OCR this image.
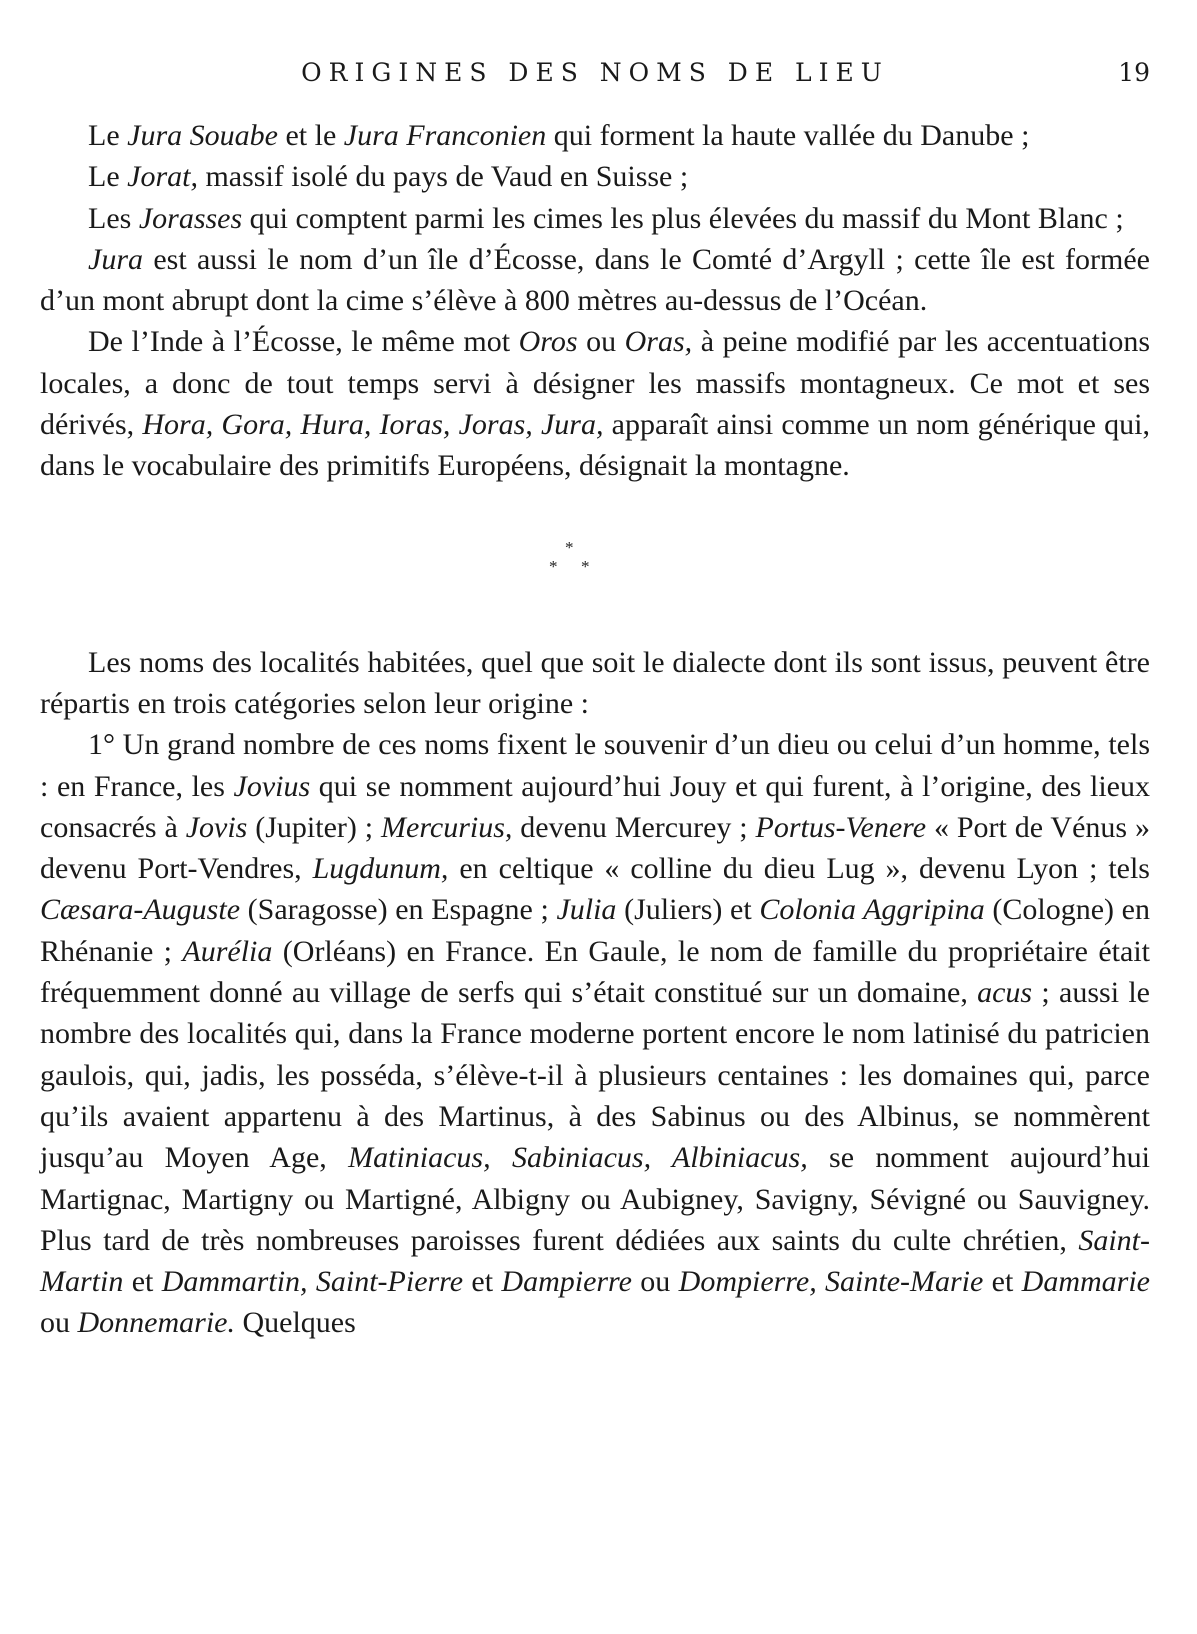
ORIGINES DES NOMS DE LIEU	19

Le Jura Souabe et le Jura Franconien qui forment la haute vallée du Danube ;

Le Jorat, massif isolé du pays de Vaud en Suisse ;

Les Jorasses qui comptent parmi les cimes les plus élevées du massif du Mont Blanc ;

Jura est aussi le nom d’un île d’Écosse, dans le Comté d’Argyll ; cette île est formée d’un mont abrupt dont la cime s’élève à 800 mètres au-dessus de l’Océan.

De l’Inde à l’Écosse, le même mot Oros ou Oras, à peine modifié par les accentuations locales, a donc de tout temps servi à désigner les massifs montagneux. Ce mot et ses dérivés, Hora, Gora, Hura, Ioras, Joras, Jura, apparaît ainsi comme un nom générique qui, dans le vocabulaire des primitifs Européens, désignait la montagne.

*
* *

Les noms des localités habitées, quel que soit le dialecte dont ils sont issus, peuvent être répartis en trois catégories selon leur origine :

1° Un grand nombre de ces noms fixent le souvenir d’un dieu ou celui d’un homme, tels : en France, les Jovius qui se nomment aujourd’hui Jouy et qui furent, à l’origine, des lieux consacrés à Jovis (Jupiter) ; Mercurius, devenu Mercurey ; Portus-Venere « Port de Vénus » devenu Port-Vendres, Lugdunum, en celtique « colline du dieu Lug », devenu Lyon ; tels Cæsara-Auguste (Saragosse) en Espagne ; Julia (Juliers) et Colonia Aggripina (Cologne) en Rhénanie ; Aurélia (Orléans) en France. En Gaule, le nom de famille du propriétaire était fréquemment donné au village de serfs qui s’était constitué sur un domaine, acus ; aussi le nombre des localités qui, dans la France moderne portent encore le nom latinisé du patricien gaulois, qui, jadis, les posséda, s’élève-t-il à plusieurs centaines : les domaines qui, parce qu’ils avaient appartenu à des Martinus, à des Sabinus ou des Albinus, se nommèrent jusqu’au Moyen Age, Matiniacus, Sabiniacus, Albiniacus, se nomment aujourd’hui Martignac, Martigny ou Martigné, Albigny ou Aubigney, Savigny, Sévigné ou Sauvigney. Plus tard de très nombreuses paroisses furent dédiées aux saints du culte chrétien, Saint-Martin et Dammartin, Saint-Pierre et Dampierre ou Dompierre, Sainte-Marie et Dammarie ou Donnemarie. Quelques
